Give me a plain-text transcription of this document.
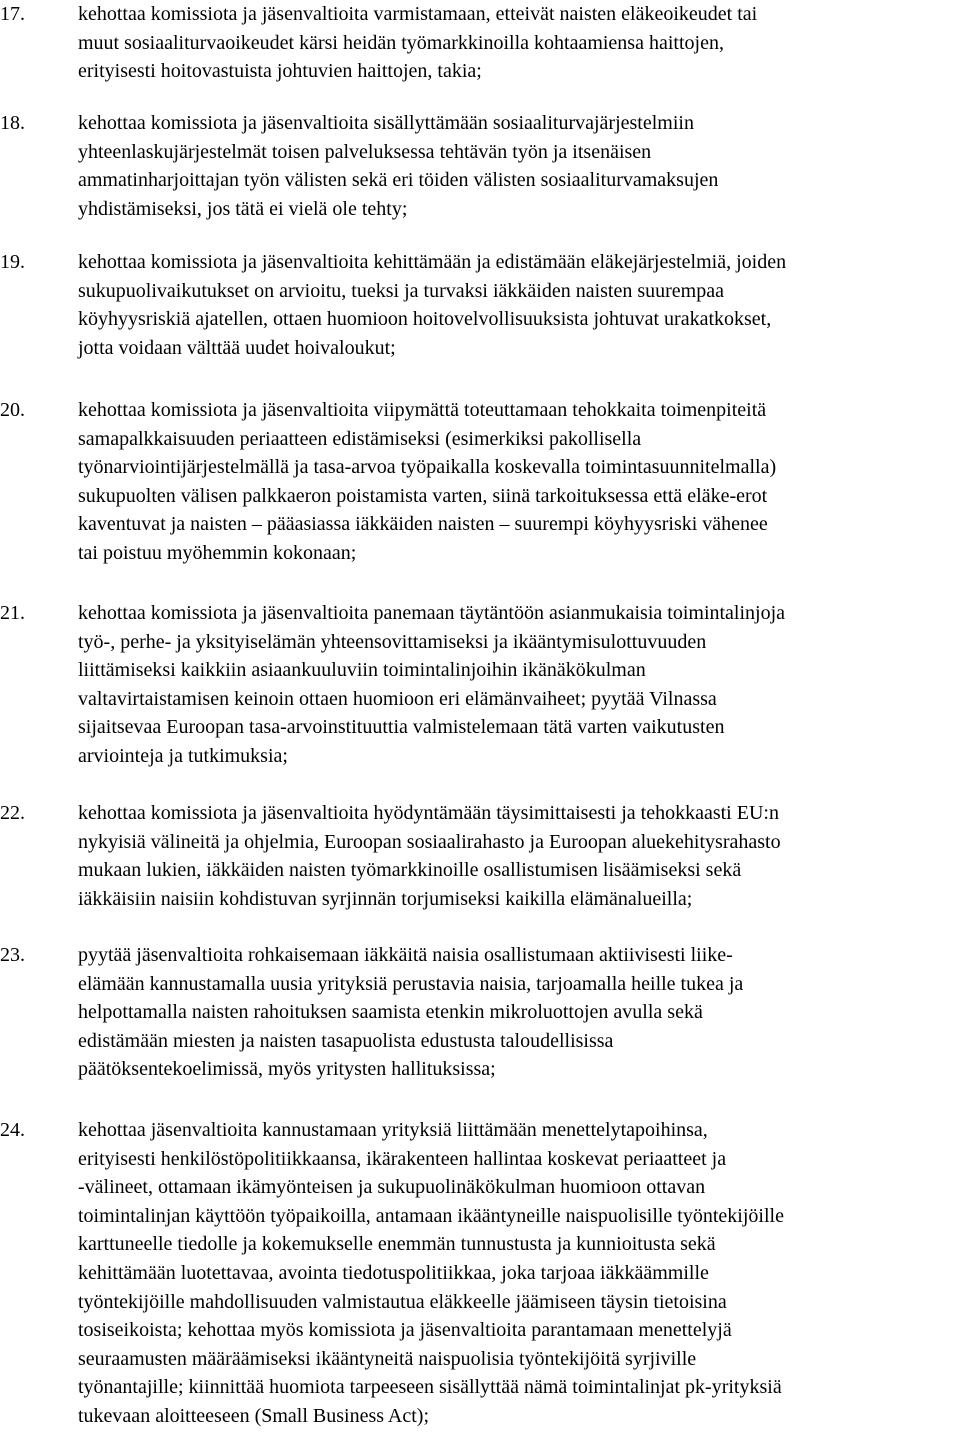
17.	kehottaa komissiota ja jäsenvaltioita varmistamaan, etteivät naisten eläkeoikeudet tai
muut sosiaaliturvaoikeudet kärsi heidän työmarkkinoilla kohtaamiensa haittojen,
erityisesti hoitovastuista johtuvien haittojen, takia;
18.	kehottaa komissiota ja jäsenvaltioita sisällyttämään sosiaaliturvajärjestelmiin
yhteenlaskujärjestelmät toisen palveluksessa tehtävän työn ja itsenäisen
ammatinharjoittajan työn välisten sekä eri töiden välisten sosiaaliturvamaksujen
yhdistämiseksi, jos tätä ei vielä ole tehty;
19.	kehottaa komissiota ja jäsenvaltioita kehittämään ja edistämään eläkejärjestelmiä, joiden
sukupuolivaikutukset on arvioitu, tueksi ja turvaksi iäkkäiden naisten suurempaa
köyhyysriskiä ajatellen, ottaen huomioon hoitovelvollisuuksista johtuvat urakatkokset,
jotta voidaan välttää uudet hoivaloukut;
20.	kehottaa komissiota ja jäsenvaltioita viipymättä toteuttamaan tehokkaita toimenpiteitä
samapalkkaisuuden periaatteen edistämiseksi (esimerkiksi pakollisella
työnarviointijärjestelmällä ja tasa-arvoa työpaikalla koskevalla toimintasuunnitelmalla)
sukupuolten välisen palkkaeron poistamista varten, siinä tarkoituksessa että eläke-erot
kaventuvat ja naisten – pääasiassa iäkkäiden naisten – suurempi köyhyysriski vähenee
tai poistuu myöhemmin kokonaan;
21.	kehottaa komissiota ja jäsenvaltioita panemaan täytäntöön asianmukaisia toimintalinjoja
työ-, perhe- ja yksityiselämän yhteensovittamiseksi ja ikääntymisulottuvuuden
liittämiseksi kaikkiin asiaankuuluviin toimintalinjoihin ikänäkökulman
valtavirtaistamisen keinoin ottaen huomioon eri elämänvaiheet; pyytää Vilnassa
sijaitsevaa Euroopan tasa-arvoinstituuttia valmistelemaan tätä varten vaikutusten
arviointeja ja tutkimuksia;
22.	kehottaa komissiota ja jäsenvaltioita hyödyntämään täysimittaisesti ja tehokkaasti EU:n
nykyisiä välineitä ja ohjelmia, Euroopan sosiaalirahasto ja Euroopan aluekehitysrahasto
mukaan lukien, iäkkäiden naisten työmarkkinoille osallistumisen lisäämiseksi sekä
iäkkäisiin naisiin kohdistuvan syrjinnän torjumiseksi kaikilla elämänalueilla;
23.	pyytää jäsenvaltioita rohkaisemaan iäkkäitä naisia osallistumaan aktiivisesti liike-
elämään kannustamalla uusia yrityksiä perustavia naisia, tarjoamalla heille tukea ja
helpottamalla naisten rahoituksen saamista etenkin mikroluottojen avulla sekä
edistämään miesten ja naisten tasapuolista edustusta taloudellisissa
päätöksentekoelimissä, myös yritysten hallituksissa;
24.	kehottaa jäsenvaltioita kannustamaan yrityksiä liittämään menettelytapoihinsa,
erityisesti henkilöstöpolitiikkaansa, ikärakenteen hallintaa koskevat periaatteet ja
-välineet, ottamaan ikämyönteisen ja sukupuolinäkökulman huomioon ottavan
toimintalinjan käyttöön työpaikoilla, antamaan ikääntyneille naispuolisille työntekijöille
karttuneelle tiedolle ja kokemukselle enemmän tunnustusta ja kunnioitusta sekä
kehittämään luotettavaa, avointa tiedotuspolitiikkaa, joka tarjoaa iäkkäämmille
työntekijöille mahdollisuuden valmistautua eläkkeelle jäämiseen täysin tietoisina
tosiseikoista; kehottaa myös komissiota ja jäsenvaltioita parantamaan menettelyjä
seuraamusten määräämiseksi ikääntyneitä naispuolisia työntekijöitä syrjiville
työnantajille; kiinnittää huomiota tarpeeseen sisällyttää nämä toimintalinjat pk-yrityksiä
tukevaan aloitteeseen (Small Business Act);
